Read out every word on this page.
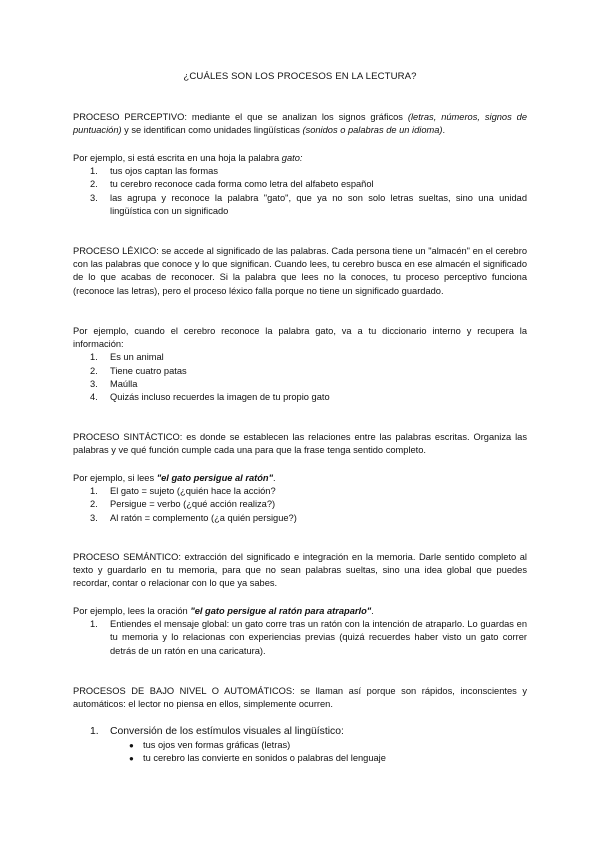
¿CUÁLES SON LOS PROCESOS EN LA LECTURA?

PROCESO PERCEPTIVO: mediante el que se analizan los signos gráficos (letras, números, signos de puntuación) y se identifican como unidades lingüísticas (sonidos o palabras de un idioma).

Por ejemplo, si está escrita en una hoja la palabra gato:

1. tus ojos captan las formas
2. tu cerebro reconoce cada forma como letra del alfabeto español
3. las agrupa y reconoce la palabra "gato", que ya no son solo letras sueltas, sino una unidad lingüística con un significado

PROCESO LÉXICO: se accede al significado de las palabras. Cada persona tiene un "almacén" en el cerebro con las palabras que conoce y lo que significan. Cuando lees, tu cerebro busca en ese almacén el significado de lo que acabas de reconocer. Si la palabra que lees no la conoces, tu proceso perceptivo funciona (reconoce las letras), pero el proceso léxico falla porque no tiene un significado guardado.

Por ejemplo, cuando el cerebro reconoce la palabra gato, va a tu diccionario interno y recupera la información:

1. Es un animal
2. Tiene cuatro patas
3. Maúlla
4. Quizás incluso recuerdes la imagen de tu propio gato

PROCESO SINTÁCTICO: es donde se establecen las relaciones entre las palabras escritas. Organiza las palabras y ve qué función cumple cada una para que la frase tenga sentido completo.

Por ejemplo, si lees "el gato persigue al ratón".

1. El gato = sujeto (¿quién hace la acción?
2. Persigue = verbo (¿qué acción realiza?)
3. Al ratón = complemento (¿a quién persigue?)

PROCESO SEMÁNTICO: extracción del significado e integración en la memoria. Darle sentido completo al texto y guardarlo en tu memoria, para que no sean palabras sueltas, sino una idea global que puedes recordar, contar o relacionar con lo que ya sabes.

Por ejemplo, lees la oración "el gato persigue al ratón para atraparlo".

1. Entiendes el mensaje global: un gato corre tras un ratón con la intención de atraparlo. Lo guardas en tu memoria y lo relacionas con experiencias previas (quizá recuerdes haber visto un gato correr detrás de un ratón en una caricatura).

PROCESOS DE BAJO NIVEL O AUTOMÁTICOS: se llaman así porque son rápidos, inconscientes y automáticos: el lector no piensa en ellos, simplemente ocurren.

1. Conversión de los estímulos visuales al lingüístico:
● tus ojos ven formas gráficas (letras)
● tu cerebro las convierte en sonidos o palabras del lenguaje
